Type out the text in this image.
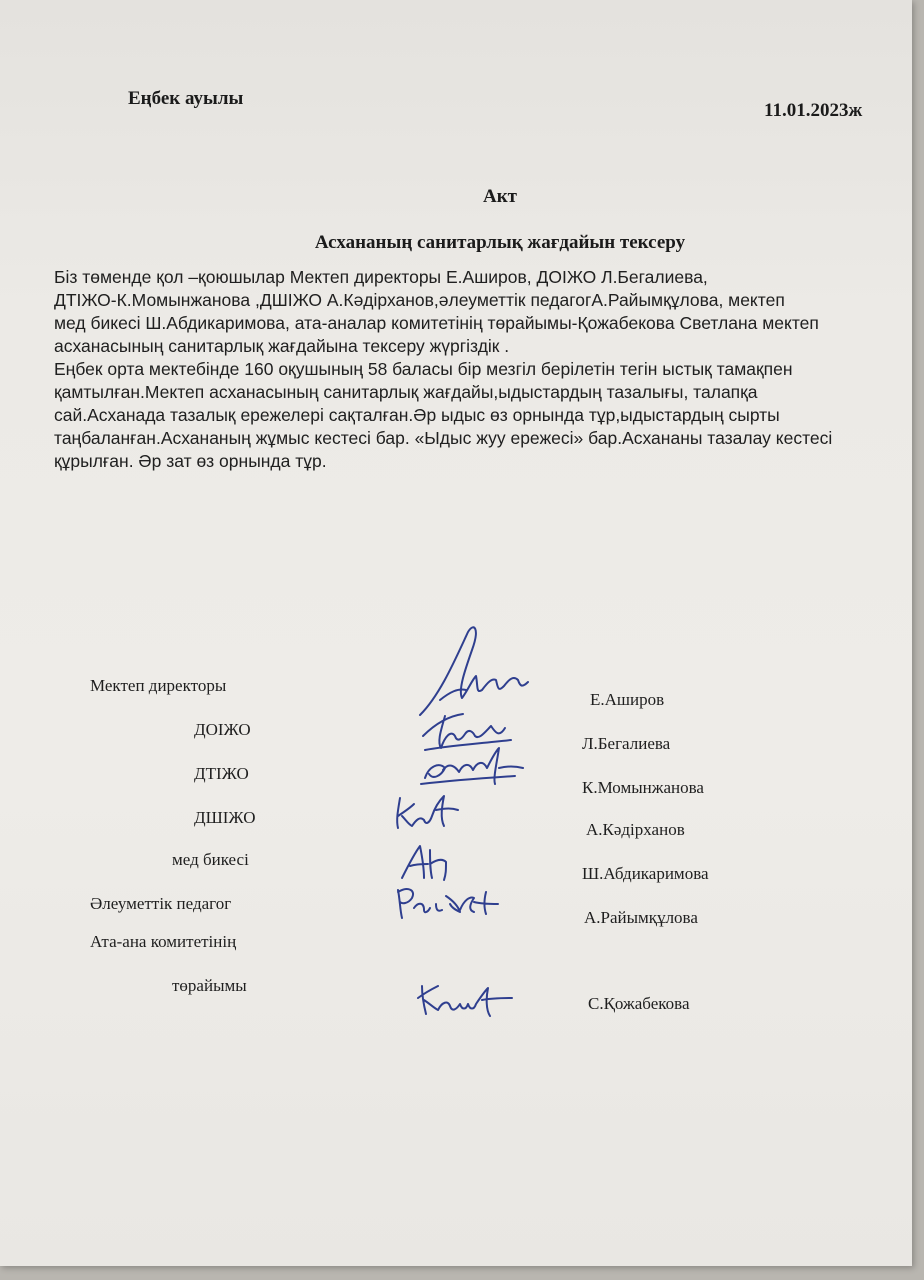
Еңбек ауылы
11.01.2023ж
Акт
Асхананың санитарлық жағдайын тексеру
Біз төменде қол –қоюшылар Мектеп директоры Е.Аширов, ДОІЖО Л.Бегалиева,
ДТІЖО-К.Момынжанова ,ДШІЖО А.Кәдірханов,әлеуметтік педагогА.Райымқұлова, мектеп
мед бикесі Ш.Абдикаримова, ата-аналар комитетінің төрайымы-Қожабекова Светлана мектеп
асханасының санитарлық жағдайына тексеру жүргіздік .
Еңбек орта мектебінде 160 оқушының 58 баласы бір мезгіл берілетін тегін ыстық тамақпен
қамтылған.Мектеп асханасының санитарлық жағдайы,ыдыстардың тазалығы, талапқа
сай.Асханада тазалық ережелері сақталған.Әр ыдыс өз орнында тұр,ыдыстардың сырты
таңбаланған.Асхананың жұмыс кестесі бар. «Ыдыс жуу ережесі» бар.Асхананы тазалау кестесі
құрылған. Әр зат өз орнында тұр.
Мектеп директоры
ДОІЖО
ДТІЖО
ДШІЖО
мед бикесі
Әлеуметтік педагог
Ата-ана комитетінің
төрайымы
Е.Аширов
Л.Бегалиева
К.Момынжанова
А.Кәдірханов
Ш.Абдикаримова
А.Райымқұлова
С.Қожабекова
